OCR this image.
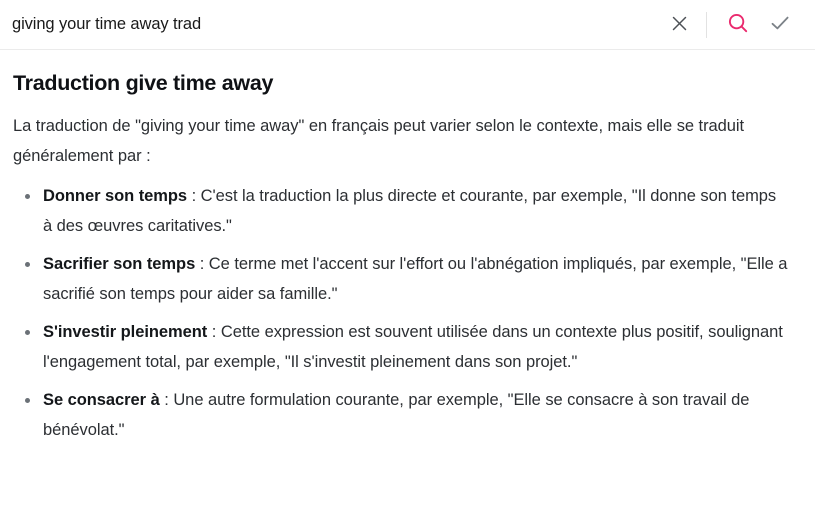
giving your time away trad
Traduction give time away

La traduction de "giving your time away" en français peut varier selon le contexte, mais elle se traduit généralement par :

Donner son temps : C'est la traduction la plus directe et courante, par exemple, "Il donne son temps à des œuvres caritatives."
Sacrifier son temps : Ce terme met l'accent sur l'effort ou l'abnégation impliqués, par exemple, "Elle a sacrifié son temps pour aider sa famille."
S'investir pleinement : Cette expression est souvent utilisée dans un contexte plus positif, soulignant l'engagement total, par exemple, "Il s'investit pleinement dans son projet."
Se consacrer à : Une autre formulation courante, par exemple, "Elle se consacre à son travail de bénévolat."
